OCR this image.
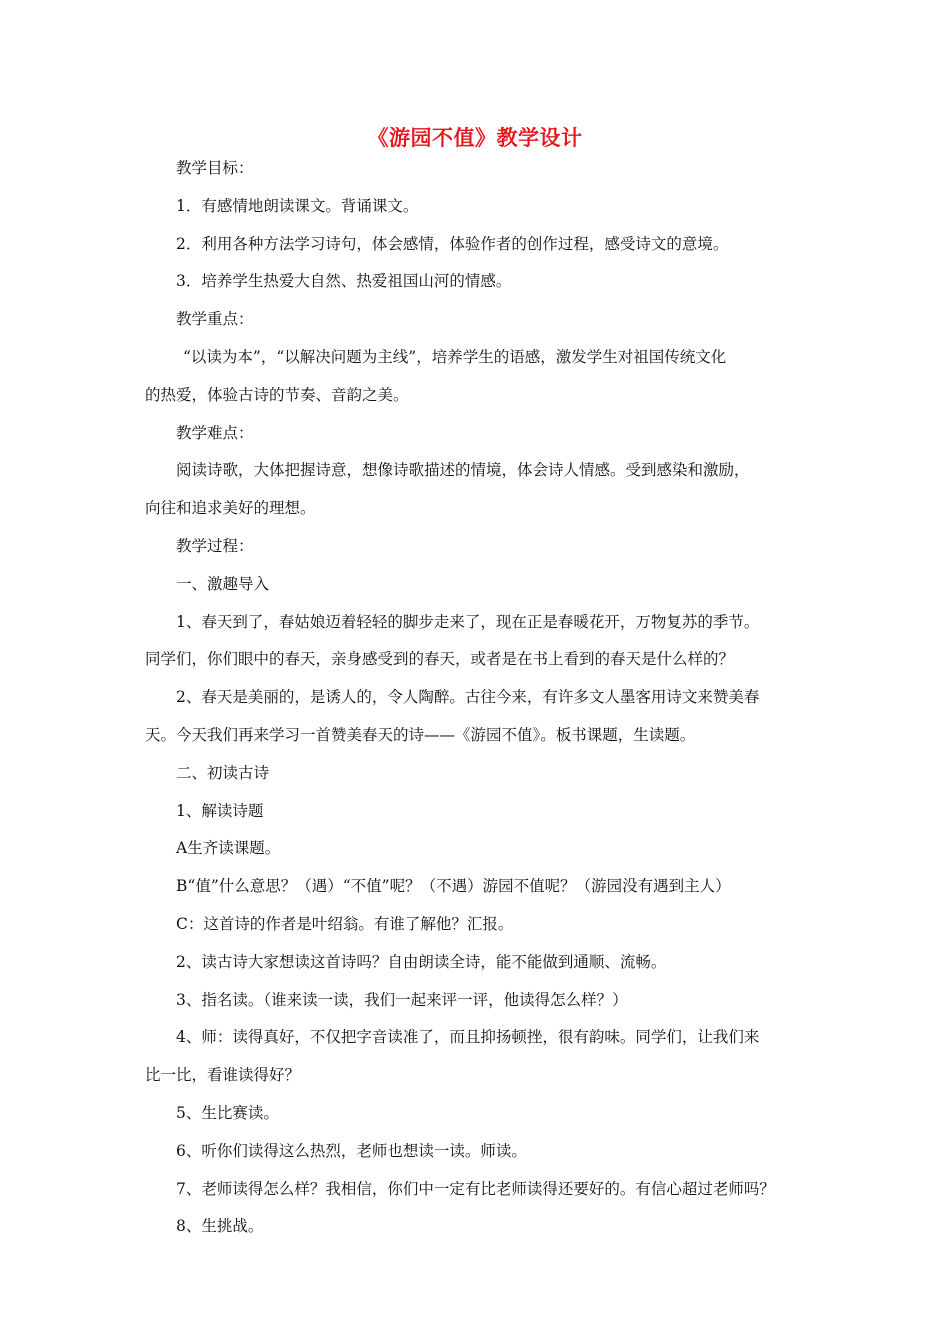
《游园不值》教学设计
教学目标：
1．有感情地朗读课文。背诵课文。
2．利用各种方法学习诗句，体会感情，体验作者的创作过程，感受诗文的意境。
3．培养学生热爱大自然、热爱祖国山河的情感。
教学重点：
“以读为本”，“以解决问题为主线”，培养学生的语感，激发学生对祖国传统文化
的热爱，体验古诗的节奏、音韵之美。
教学难点：
阅读诗歌，大体把握诗意，想像诗歌描述的情境，体会诗人情感。受到感染和激励，
向往和追求美好的理想。
教学过程：
一、激趣导入
1、春天到了，春姑娘迈着轻轻的脚步走来了，现在正是春暖花开，万物复苏的季节。
同学们，你们眼中的春天，亲身感受到的春天，或者是在书上看到的春天是什么样的？
2、春天是美丽的，是诱人的，令人陶醉。古往今来，有许多文人墨客用诗文来赞美春
天。今天我们再来学习一首赞美春天的诗——《游园不值》。板书课题，生读题。
二、初读古诗
1、解读诗题
A生齐读课题。
B“值”什么意思？（遇）“不值”呢？（不遇）游园不值呢？（游园没有遇到主人）
C：这首诗的作者是叶绍翁。有谁了解他？汇报。
2、读古诗大家想读这首诗吗？自由朗读全诗，能不能做到通顺、流畅。
3、指名读。（谁来读一读，我们一起来评一评，他读得怎么样？）
4、师：读得真好，不仅把字音读准了，而且抑扬顿挫，很有韵味。同学们，让我们来
比一比，看谁读得好？
5、生比赛读。
6、听你们读得这么热烈，老师也想读一读。师读。
7、老师读得怎么样？我相信，你们中一定有比老师读得还要好的。有信心超过老师吗？
8、生挑战。
